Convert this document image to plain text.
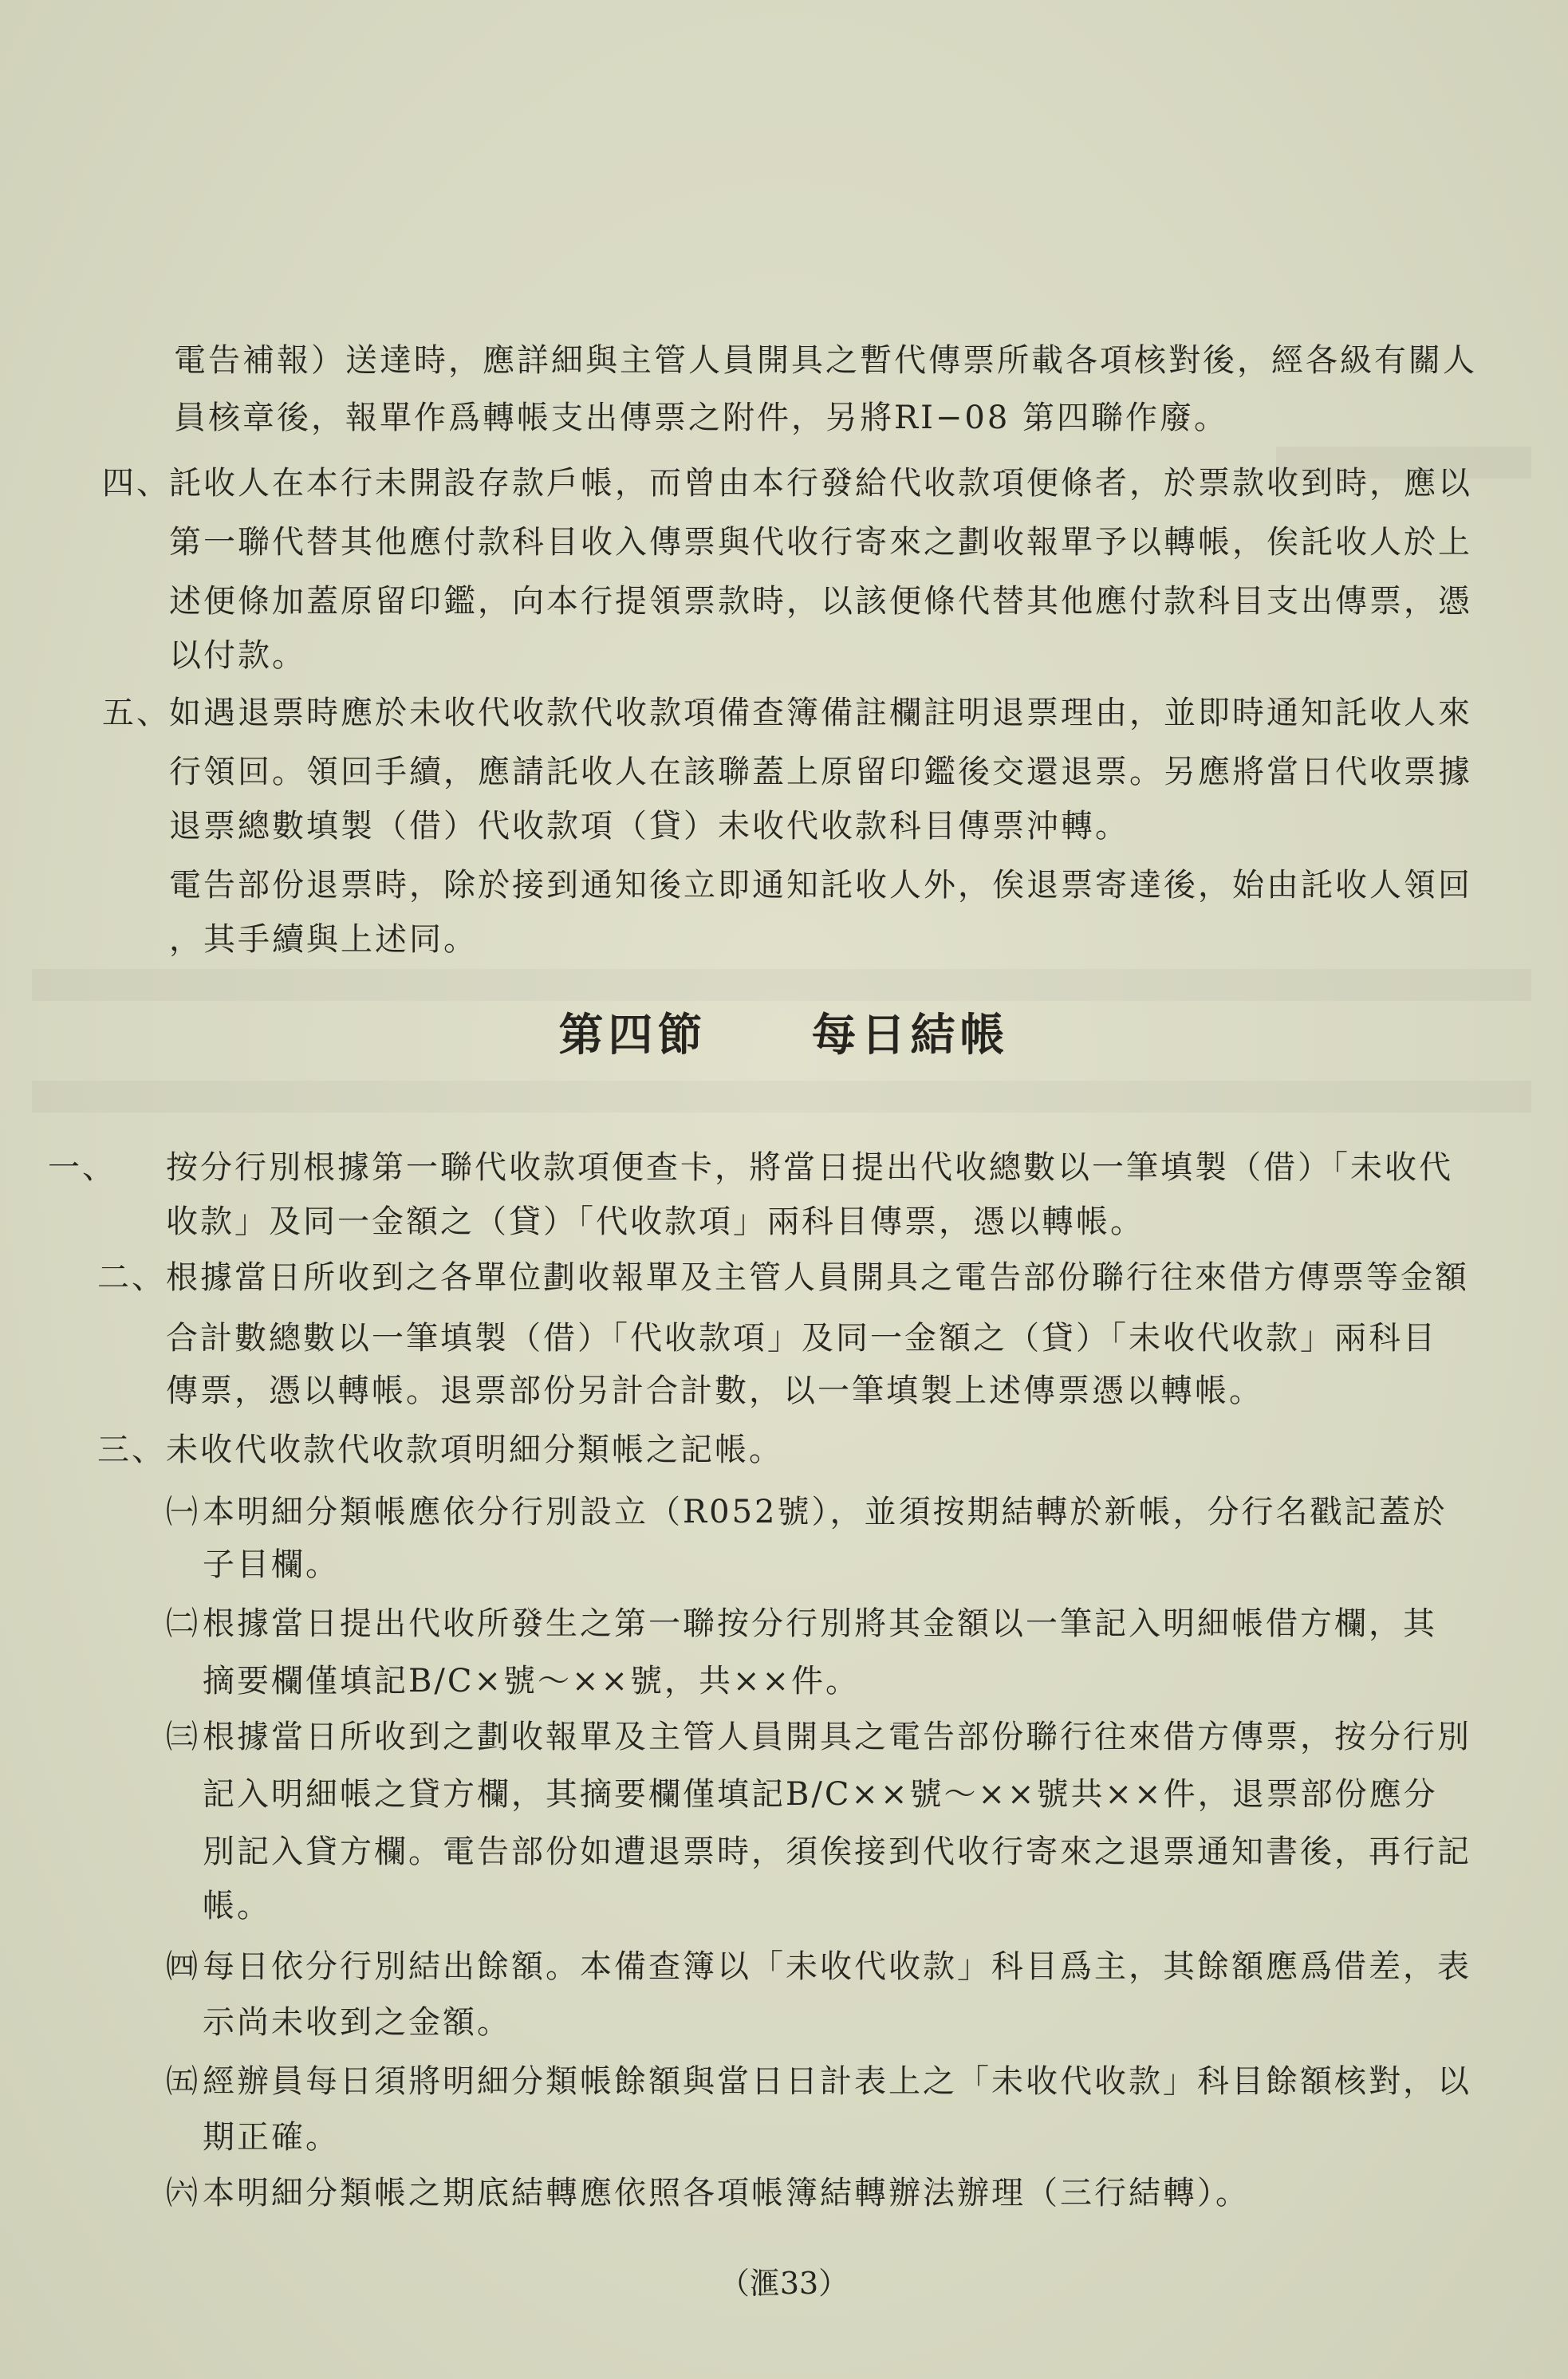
電告補報）送達時，應詳細與主管人員開具之暫代傳票所載各項核對後，經各級有關人
員核章後，報單作爲轉帳支出傳票之附件，另將RI−08 第四聯作廢。
四、
託收人在本行未開設存款戶帳，而曾由本行發給代收款項便條者，於票款收到時，應以
第一聯代替其他應付款科目收入傳票與代收行寄來之劃收報單予以轉帳，俟託收人於上
述便條加蓋原留印鑑，向本行提領票款時，以該便條代替其他應付款科目支出傳票，憑
以付款。
五、
如遇退票時應於未收代收款代收款項備查簿備註欄註明退票理由，並即時通知託收人來
行領回。領回手續，應請託收人在該聯蓋上原留印鑑後交還退票。另應將當日代收票據
退票總數填製（借）代收款項（貸）未收代收款科目傳票沖轉。
電告部份退票時，除於接到通知後立即通知託收人外，俟退票寄達後，始由託收人領回
，其手續與上述同。
第四節 每日結帳
一、 按分行別根據第一聯代收款項便查卡，將當日提出代收總數以一筆填製（借）「未收代
收款」及同一金額之（貸）「代收款項」兩科目傳票，憑以轉帳。
二、 根據當日所收到之各單位劃收報單及主管人員開具之電告部份聯行往來借方傳票等金額
合計數總數以一筆填製（借）「代收款項」及同一金額之（貸）「未收代收款」兩科目
傳票，憑以轉帳。退票部份另計合計數，以一筆填製上述傳票憑以轉帳。
三、 未收代收款代收款項明細分類帳之記帳。
㈠ 本明細分類帳應依分行別設立（R052號），並須按期結轉於新帳，分行名戳記蓋於
子目欄。
㈡ 根據當日提出代收所發生之第一聯按分行別將其金額以一筆記入明細帳借方欄，其
摘要欄僅填記B/C×號〜××號，共××件。
㈢ 根據當日所收到之劃收報單及主管人員開具之電告部份聯行往來借方傳票，按分行別
記入明細帳之貸方欄，其摘要欄僅填記B/C××號〜××號共××件，退票部份應分
別記入貸方欄。電告部份如遭退票時，須俟接到代收行寄來之退票通知書後，再行記
帳。
㈣ 每日依分行別結出餘額。本備查簿以「未收代收款」科目爲主，其餘額應爲借差，表
示尚未收到之金額。
㈤ 經辦員每日須將明細分類帳餘額與當日日計表上之「未收代收款」科目餘額核對，以
期正確。
㈥ 本明細分類帳之期底結轉應依照各項帳簿結轉辦法辦理（三行結轉）。
（滙33）
